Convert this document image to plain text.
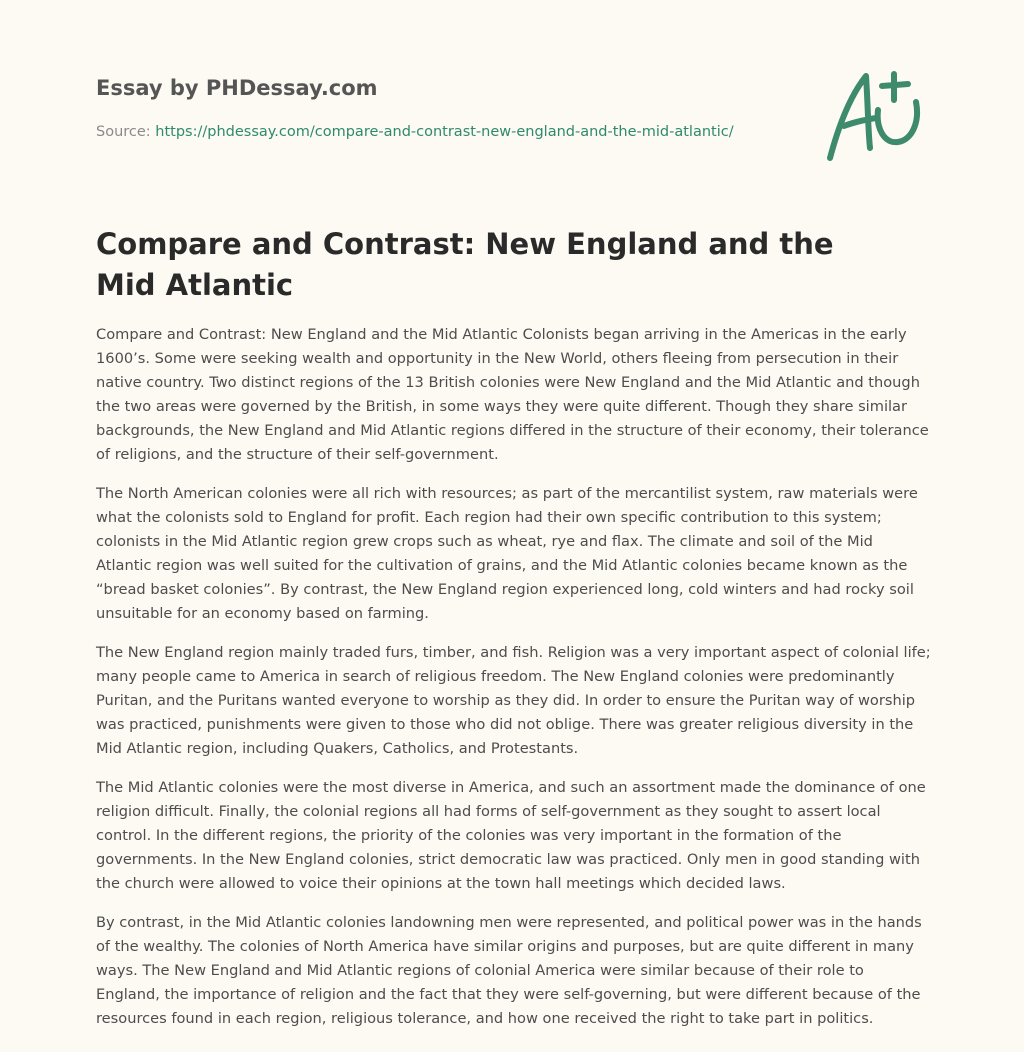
Essay by PHDessay.com

Source: https://phdessay.com/compare-and-contrast-new-england-and-the-mid-atlantic/

Compare and Contrast: New England and the Mid Atlantic

Compare and Contrast: New England and the Mid Atlantic Colonists began arriving in the Americas in the early 1600’s. Some were seeking wealth and opportunity in the New World, others fleeing from persecution in their native country. Two distinct regions of the 13 British colonies were New England and the Mid Atlantic and though the two areas were governed by the British, in some ways they were quite different. Though they share similar backgrounds, the New England and Mid Atlantic regions differed in the structure of their economy, their tolerance of religions, and the structure of their self-government.

The North American colonies were all rich with resources; as part of the mercantilist system, raw materials were what the colonists sold to England for profit. Each region had their own specific contribution to this system; colonists in the Mid Atlantic region grew crops such as wheat, rye and flax. The climate and soil of the Mid Atlantic region was well suited for the cultivation of grains, and the Mid Atlantic colonies became known as the “bread basket colonies”. By contrast, the New England region experienced long, cold winters and had rocky soil unsuitable for an economy based on farming.

The New England region mainly traded furs, timber, and fish. Religion was a very important aspect of colonial life; many people came to America in search of religious freedom. The New England colonies were predominantly Puritan, and the Puritans wanted everyone to worship as they did. In order to ensure the Puritan way of worship was practiced, punishments were given to those who did not oblige. There was greater religious diversity in the Mid Atlantic region, including Quakers, Catholics, and Protestants.

The Mid Atlantic colonies were the most diverse in America, and such an assortment made the dominance of one religion difficult. Finally, the colonial regions all had forms of self-government as they sought to assert local control. In the different regions, the priority of the colonies was very important in the formation of the governments. In the New England colonies, strict democratic law was practiced. Only men in good standing with the church were allowed to voice their opinions at the town hall meetings which decided laws.

By contrast, in the Mid Atlantic colonies landowning men were represented, and political power was in the hands of the wealthy. The colonies of North America have similar origins and purposes, but are quite different in many ways. The New England and Mid Atlantic regions of colonial America were similar because of their role to England, the importance of religion and the fact that they were self-governing, but were different because of the resources found in each region, religious tolerance, and how one received the right to take part in politics.
